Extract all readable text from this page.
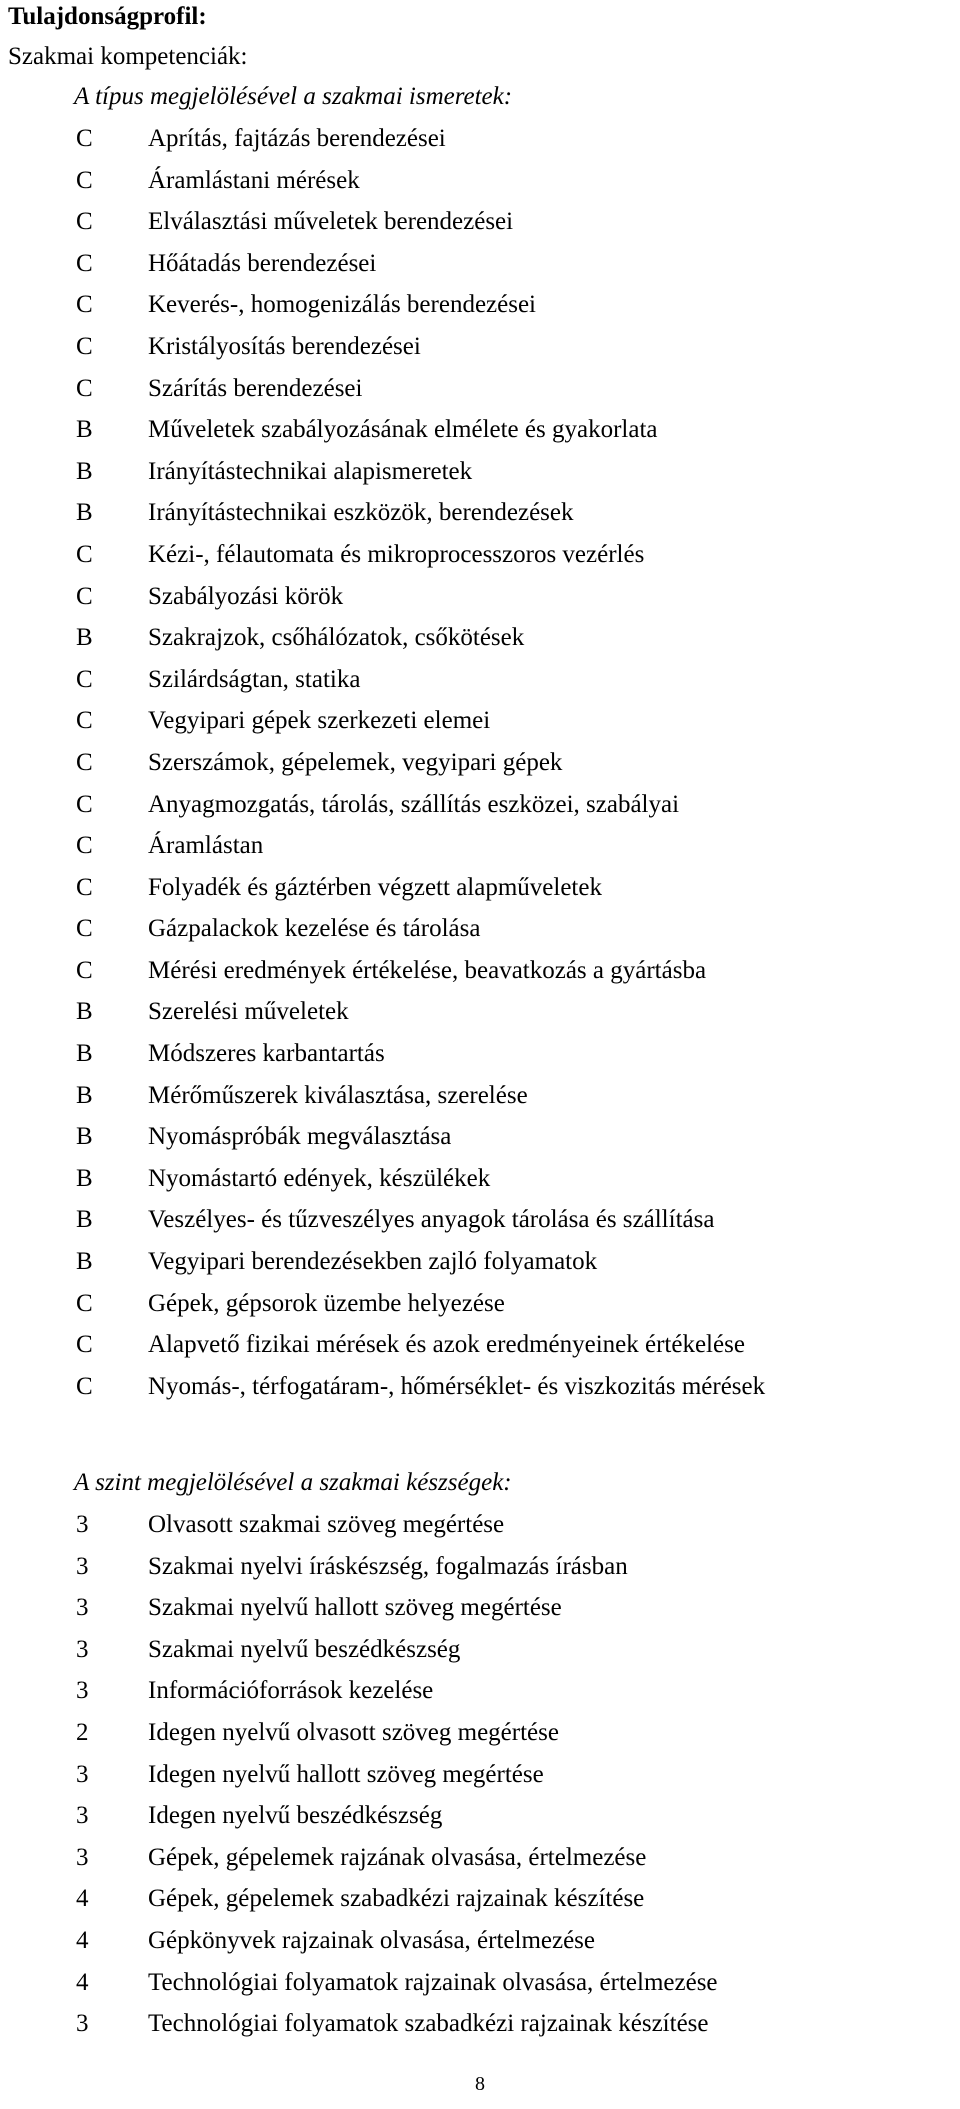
Tulajdonságprofil:
Szakmai kompetenciák:
A típus megjelölésével a szakmai ismeretek:
C Aprítás, fajtázás berendezései
C Áramlástani mérések
C Elválasztási műveletek berendezései
C Hőátadás berendezései
C Keverés-, homogenizálás berendezései
C Kristályosítás berendezései
C Szárítás berendezései
B Műveletek szabályozásának elmélete és gyakorlata
B Irányítástechnikai alapismeretek
B Irányítástechnikai eszközök, berendezések
C Kézi-, félautomata és mikroprocesszoros vezérlés
C Szabályozási körök
B Szakrajzok, csőhálózatok, csőkötések
C Szilárdságtan, statika
C Vegyipari gépek szerkezeti elemei
C Szerszámok, gépelemek, vegyipari gépek
C Anyagmozgatás, tárolás, szállítás eszközei, szabályai
C Áramlástan
C Folyadék és gáztérben végzett alapműveletek
C Gázpalackok kezelése és tárolása
C Mérési eredmények értékelése, beavatkozás a gyártásba
B Szerelési műveletek
B Módszeres karbantartás
B Mérőműszerek kiválasztása, szerelése
B Nyomáspróbák megválasztása
B Nyomástartó edények, készülékek
B Veszélyes- és tűzveszélyes anyagok tárolása és szállítása
B Vegyipari berendezésekben zajló folyamatok
C Gépek, gépsorok üzembe helyezése
C Alapvető fizikai mérések és azok eredményeinek értékelése
C Nyomás-, térfogatáram-, hőmérséklet- és viszkozitás mérések
A szint megjelölésével a szakmai készségek:
3 Olvasott szakmai szöveg megértése
3 Szakmai nyelvi íráskészség, fogalmazás írásban
3 Szakmai nyelvű hallott szöveg megértése
3 Szakmai nyelvű beszédkészség
3 Információforrások kezelése
2 Idegen nyelvű olvasott szöveg megértése
3 Idegen nyelvű hallott szöveg megértése
3 Idegen nyelvű beszédkészség
3 Gépek, gépelemek rajzának olvasása, értelmezése
4 Gépek, gépelemek szabadkézi rajzainak készítése
4 Gépkönyvek rajzainak olvasása, értelmezése
4 Technológiai folyamatok rajzainak olvasása, értelmezése
3 Technológiai folyamatok szabadkézi rajzainak készítése
8
